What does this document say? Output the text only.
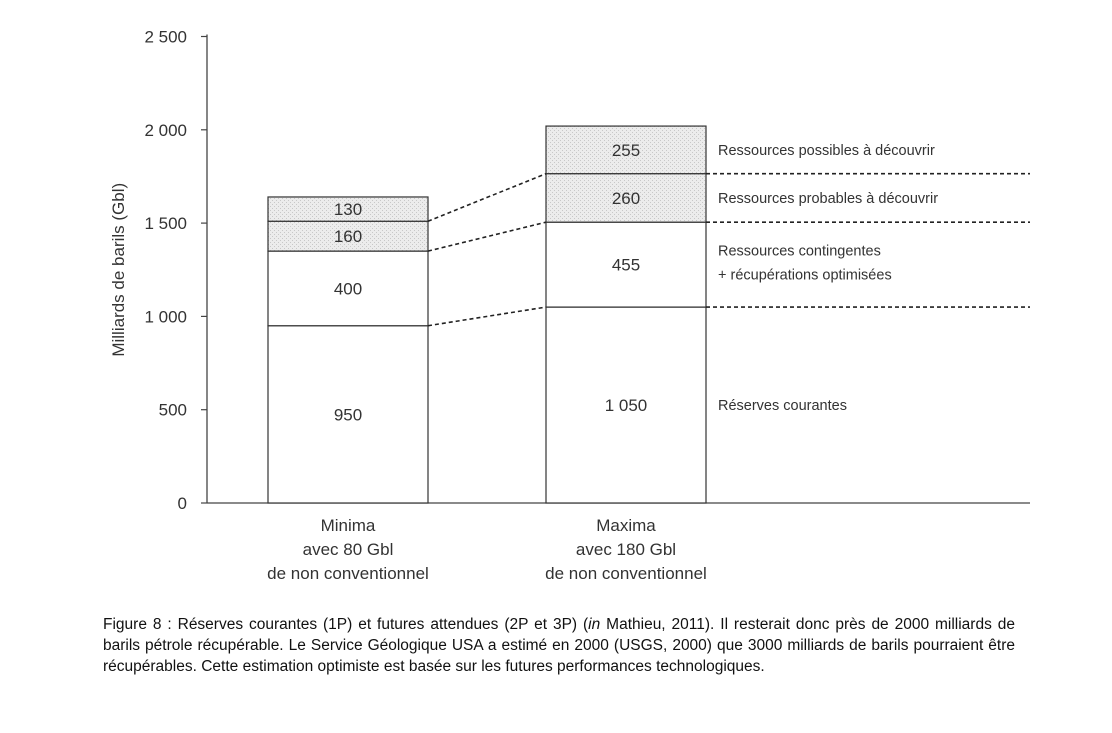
0
500
1 000
1 500
2 000
2 500
Milliards de barils (Gbl)
950
400
160
130
Minima
avec 80 Gbl
de non conventionnel
1 050
455
260
255
Maxima
avec 180 Gbl
de non conventionnel
Réserves courantes
Ressources contingentes
+ récupérations optimisées
Ressources probables à découvrir
Ressources possibles à découvrir
Figure 8 : Réserves courantes (1P) et futures attendues (2P et 3P) (in Mathieu, 2011). Il resterait donc près de 2000 milliards de barils pétrole récupérable. Le Service Géologique USA a estimé en 2000 (USGS, 2000) que 3000 milliards de barils pourraient être récupérables. Cette estimation optimiste est basée sur les futures performances technologiques.
